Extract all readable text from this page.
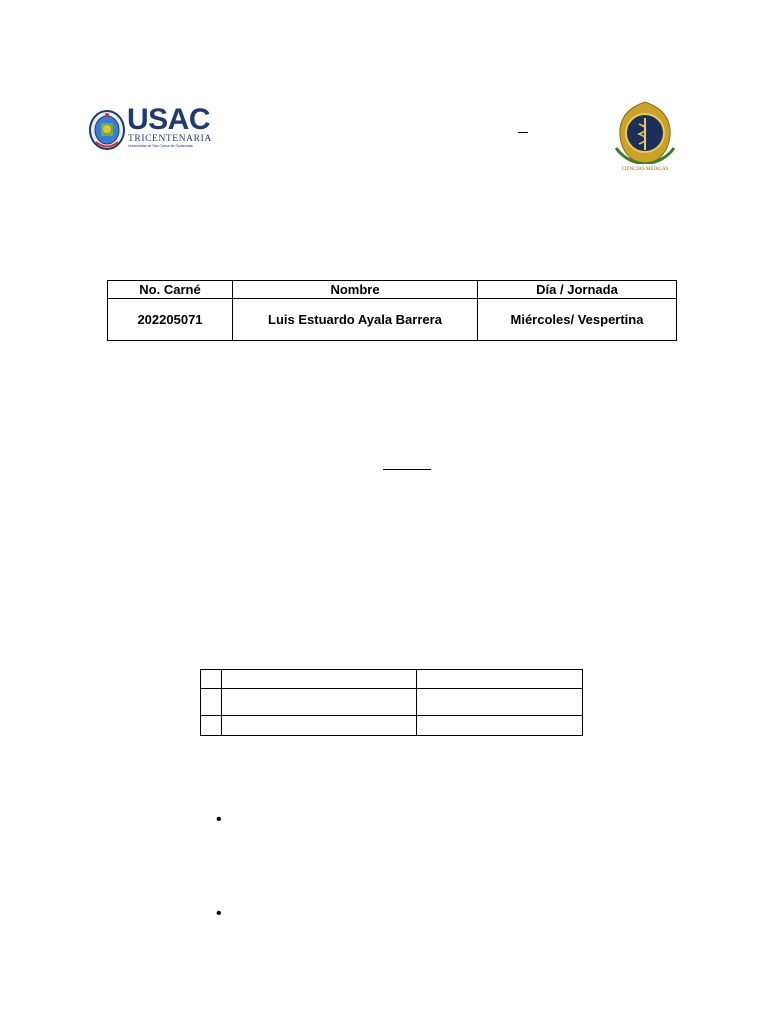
USAC
TRICENTENARIA
Universidad de San Carlos de Guatemala
CIENCIAS MÉDICAS
No. Carné	Nombre	Día / Jornada
202205071	Luis Estuardo Ayala Barrera	Miércoles/ Vespertina

•
•
